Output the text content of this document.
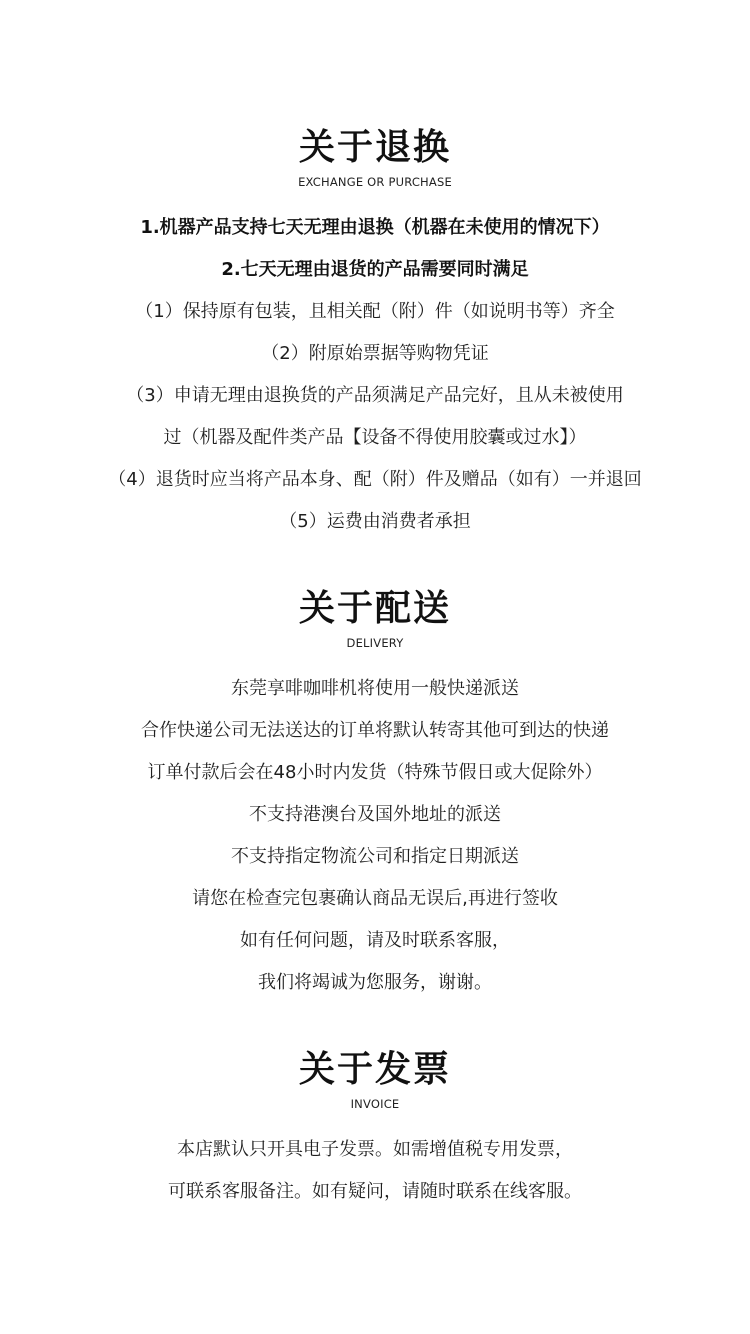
关于退换
EXCHANGE OR PURCHASE
1.机器产品支持七天无理由退换（机器在未使用的情况下）
2.七天无理由退货的产品需要同时满足
（1）保持原有包装，且相关配（附）件（如说明书等）齐全
（2）附原始票据等购物凭证
（3）申请无理由退换货的产品须满足产品完好，且从未被使用
过（机器及配件类产品【设备不得使用胶囊或过水】）
（4）退货时应当将产品本身、配（附）件及赠品（如有）一并退回
（5）运费由消费者承担
关于配送
DELIVERY
东莞享啡咖啡机将使用一般快递派送
合作快递公司无法送达的订单将默认转寄其他可到达的快递
订单付款后会在48小时内发货（特殊节假日或大促除外）
不支持港澳台及国外地址的派送
不支持指定物流公司和指定日期派送
请您在检查完包裹确认商品无误后,再进行签收
如有任何问题，请及时联系客服，
我们将竭诚为您服务，谢谢。
关于发票
INVOICE
本店默认只开具电子发票。如需增值税专用发票，
可联系客服备注。如有疑问，请随时联系在线客服。
